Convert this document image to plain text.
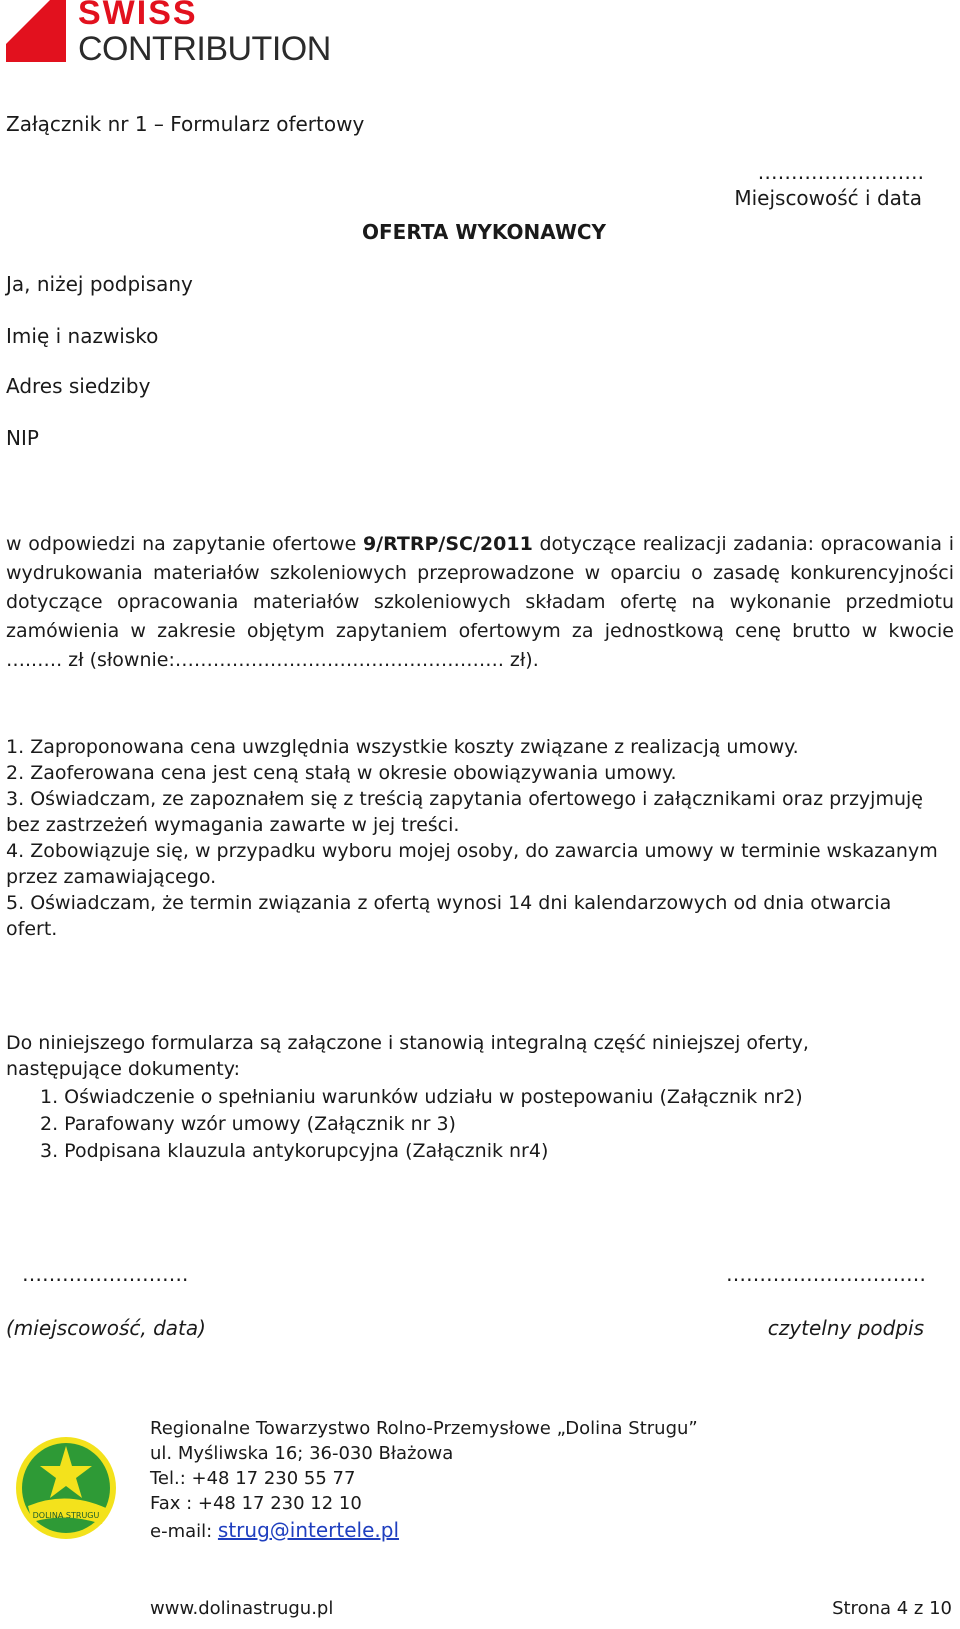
SWISS
CONTRIBUTION
Załącznik nr 1 – Formularz ofertowy
…………………….
Miejscowość i data
OFERTA WYKONAWCY
Ja, niżej podpisany
Imię i nazwisko
Adres siedziby
NIP

w odpowiedzi na zapytanie ofertowe 9/RTRP/SC/2011 dotyczące realizacji zadania: opracowania i wydrukowania materiałów szkoleniowych przeprowadzone w oparciu o zasadę konkurencyjności dotyczące opracowania materiałów szkoleniowych składam ofertę na wykonanie przedmiotu zamówienia w zakresie objętym zapytaniem ofertowym za jednostkową cenę brutto w kwocie …..…. zł (słownie:……………………………………………. zł).

1. Zaproponowana cena uwzględnia wszystkie koszty związane z realizacją umowy.
2. Zaoferowana cena jest ceną stałą w okresie obowiązywania umowy.
3. Oświadczam, ze zapoznałem się z treścią zapytania ofertowego i załącznikami oraz przyjmuję bez zastrzeżeń wymagania zawarte w jej treści.
4. Zobowiązuje się, w przypadku wyboru mojej osoby, do zawarcia umowy w terminie wskazanym przez zamawiającego.
5. Oświadczam, że termin związania z ofertą wynosi 14 dni kalendarzowych od dnia otwarcia ofert.
Do niniejszego formularza są załączone i stanowią integralną część niniejszej oferty, następujące dokumenty:
1. Oświadczenie o spełnianiu warunków udziału w postepowaniu (Załącznik nr2)
2. Parafowany wzór umowy (Załącznik nr 3)
3. Podpisana klauzula antykorupcyjna (Załącznik nr4)
…………………….	…………………………
(miejscowość, data)	czytelny podpis
DOLINA STRUGU
Regionalne Towarzystwo Rolno-Przemysłowe „Dolina Strugu”
ul. Myśliwska 16; 36-030 Błażowa
Tel.: +48 17 230 55 77
Fax : +48 17 230 12 10
e-mail: strug@intertele.pl
www.dolinastrugu.pl	Strona 4 z 10
